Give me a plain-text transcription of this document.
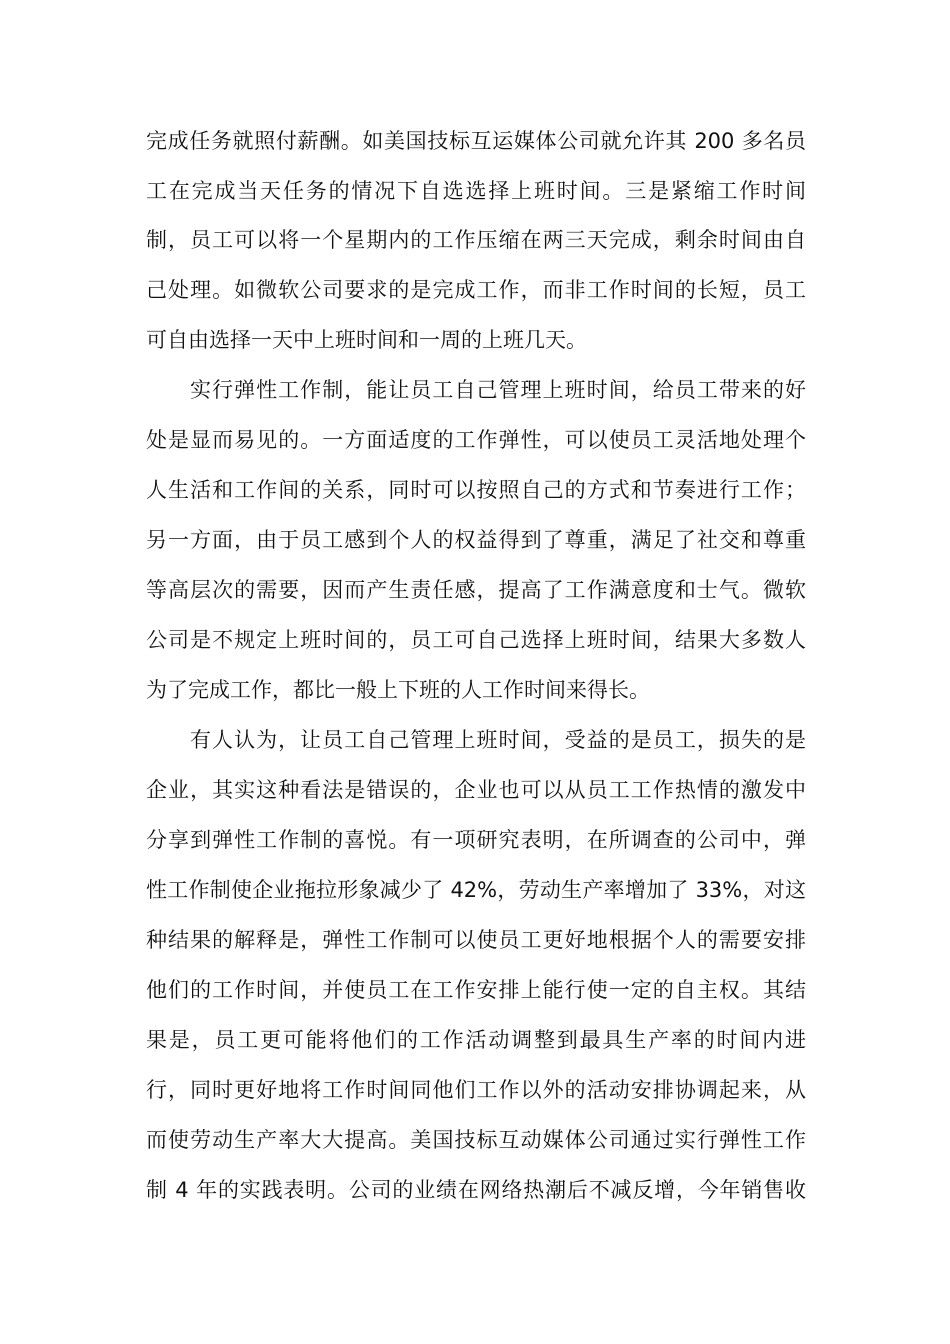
完成任务就照付薪酬。如美国技标互运媒体公司就允许其 200 多名员
工在完成当天任务的情况下自选选择上班时间。三是紧缩工作时间
制，员工可以将一个星期内的工作压缩在两三天完成，剩余时间由自
己处理。如微软公司要求的是完成工作，而非工作时间的长短，员工
可自由选择一天中上班时间和一周的上班几天。
实行弹性工作制，能让员工自己管理上班时间，给员工带来的好
处是显而易见的。一方面适度的工作弹性，可以使员工灵活地处理个
人生活和工作间的关系，同时可以按照自己的方式和节奏进行工作；
另一方面，由于员工感到个人的权益得到了尊重，满足了社交和尊重
等高层次的需要，因而产生责任感，提高了工作满意度和士气。微软
公司是不规定上班时间的，员工可自己选择上班时间，结果大多数人
为了完成工作，都比一般上下班的人工作时间来得长。
有人认为，让员工自己管理上班时间，受益的是员工，损失的是
企业，其实这种看法是错误的，企业也可以从员工工作热情的激发中
分享到弹性工作制的喜悦。有一项研究表明，在所调查的公司中，弹
性工作制使企业拖拉形象减少了 42%，劳动生产率增加了 33%，对这
种结果的解释是，弹性工作制可以使员工更好地根据个人的需要安排
他们的工作时间，并使员工在工作安排上能行使一定的自主权。其结
果是，员工更可能将他们的工作活动调整到最具生产率的时间内进
行，同时更好地将工作时间同他们工作以外的活动安排协调起来，从
而使劳动生产率大大提高。美国技标互动媒体公司通过实行弹性工作
制 4 年的实践表明。公司的业绩在网络热潮后不减反增，今年销售收
